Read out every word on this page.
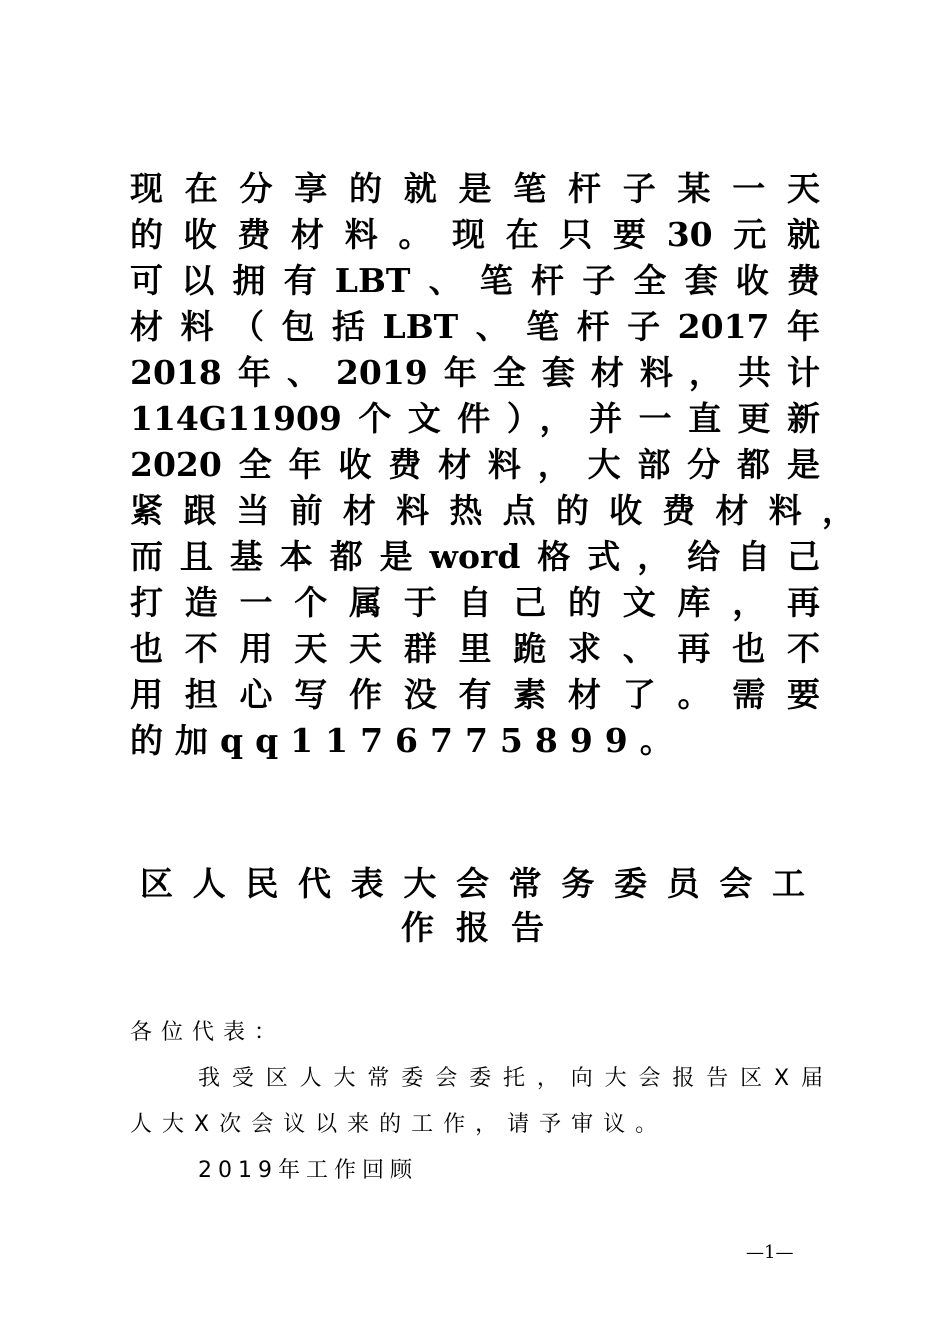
现在分享的就是笔杆子某一天
的收费材料。现在只要30元就
可以拥有LBT、笔杆子全套收费
材料（包括LBT、笔杆子2017年
2018年、2019年全套材料，共计
114G11909个文件），并一直更新
2020全年收费材料，大部分都是
紧跟当前材料热点的收费材料，
而且基本都是word格式，给自己
打造一个属于自己的文库，再
也不用天天群里跪求、再也不
用担心写作没有素材了。需要
的加qq1176775899。
区人民代表大会常务委员会工
作报告
各位代表：
我受区人大常委会委托，向大会报告区X届
人大X次会议以来的工作，请予审议。
2019年工作回顾
—1—
